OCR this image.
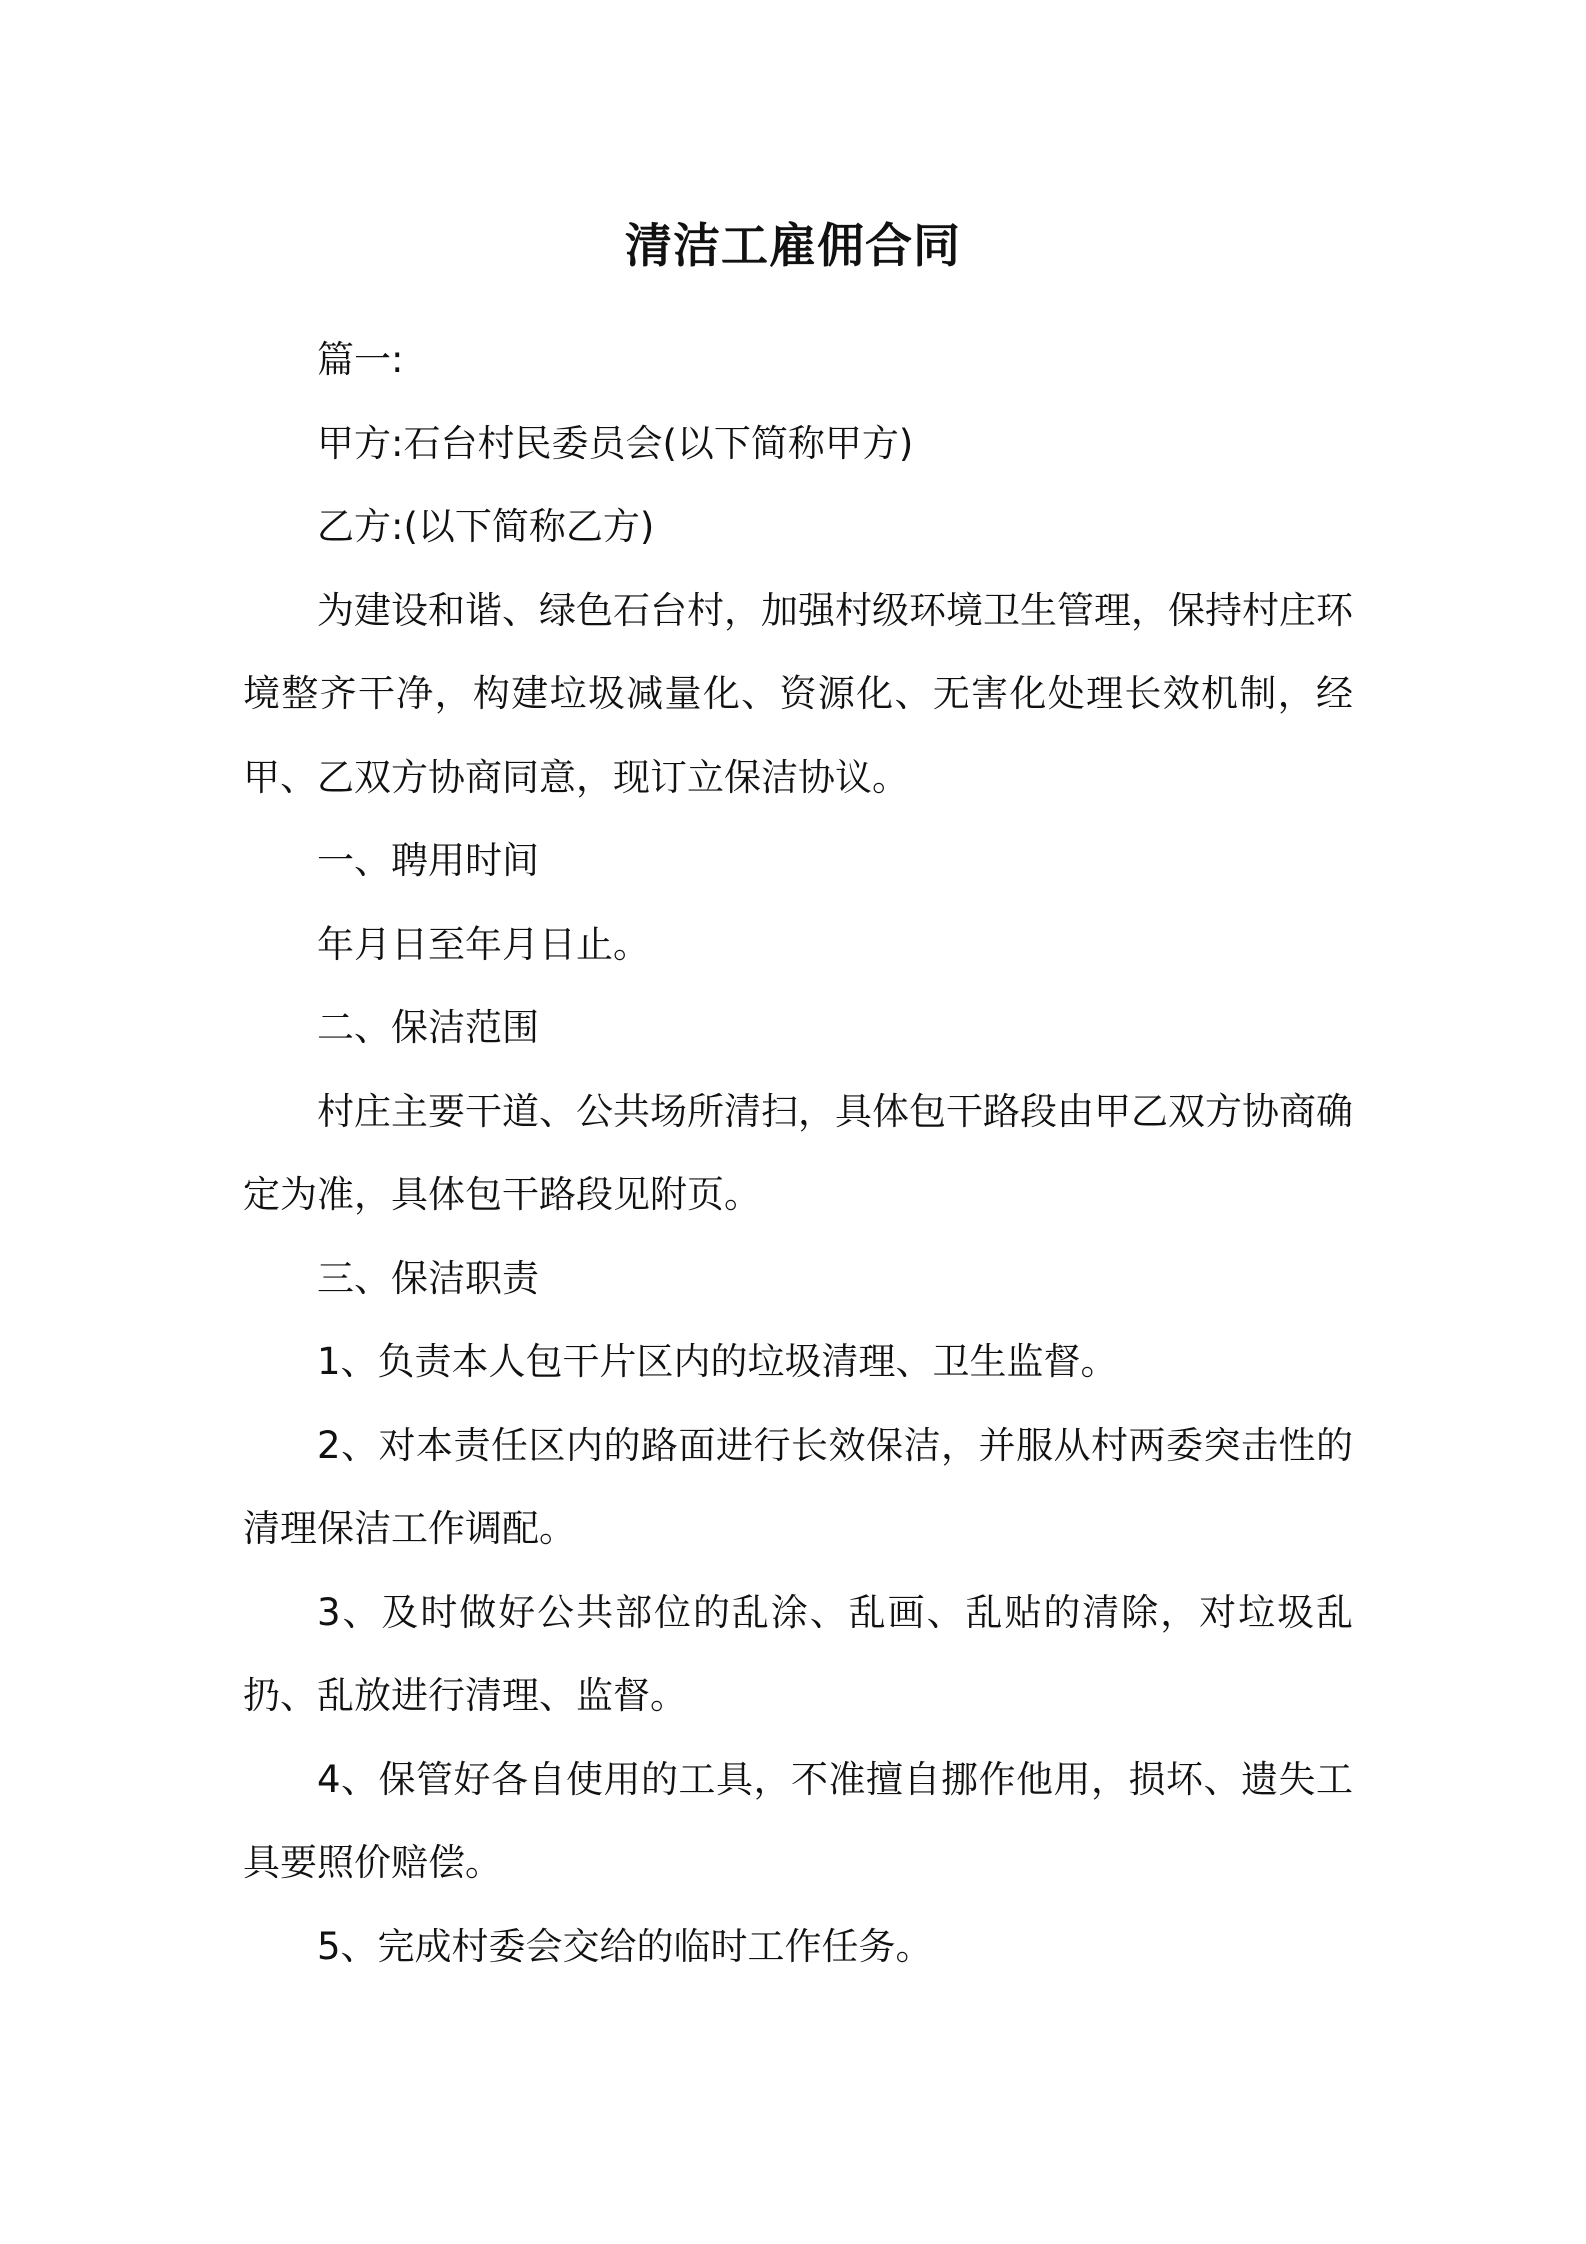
清洁工雇佣合同

篇一:

甲方:石台村民委员会(以下简称甲方)

乙方:(以下简称乙方)

为建设和谐、绿色石台村，加强村级环境卫生管理，保持村庄环境整齐干净，构建垃圾减量化、资源化、无害化处理长效机制，经甲、乙双方协商同意，现订立保洁协议。

一、聘用时间

年月日至年月日止。

二、保洁范围

村庄主要干道、公共场所清扫，具体包干路段由甲乙双方协商确定为准，具体包干路段见附页。

三、保洁职责

1、负责本人包干片区内的垃圾清理、卫生监督。

2、对本责任区内的路面进行长效保洁，并服从村两委突击性的清理保洁工作调配。

3、及时做好公共部位的乱涂、乱画、乱贴的清除，对垃圾乱扔、乱放进行清理、监督。

4、保管好各自使用的工具，不准擅自挪作他用，损坏、遗失工具要照价赔偿。

5、完成村委会交给的临时工作任务。
